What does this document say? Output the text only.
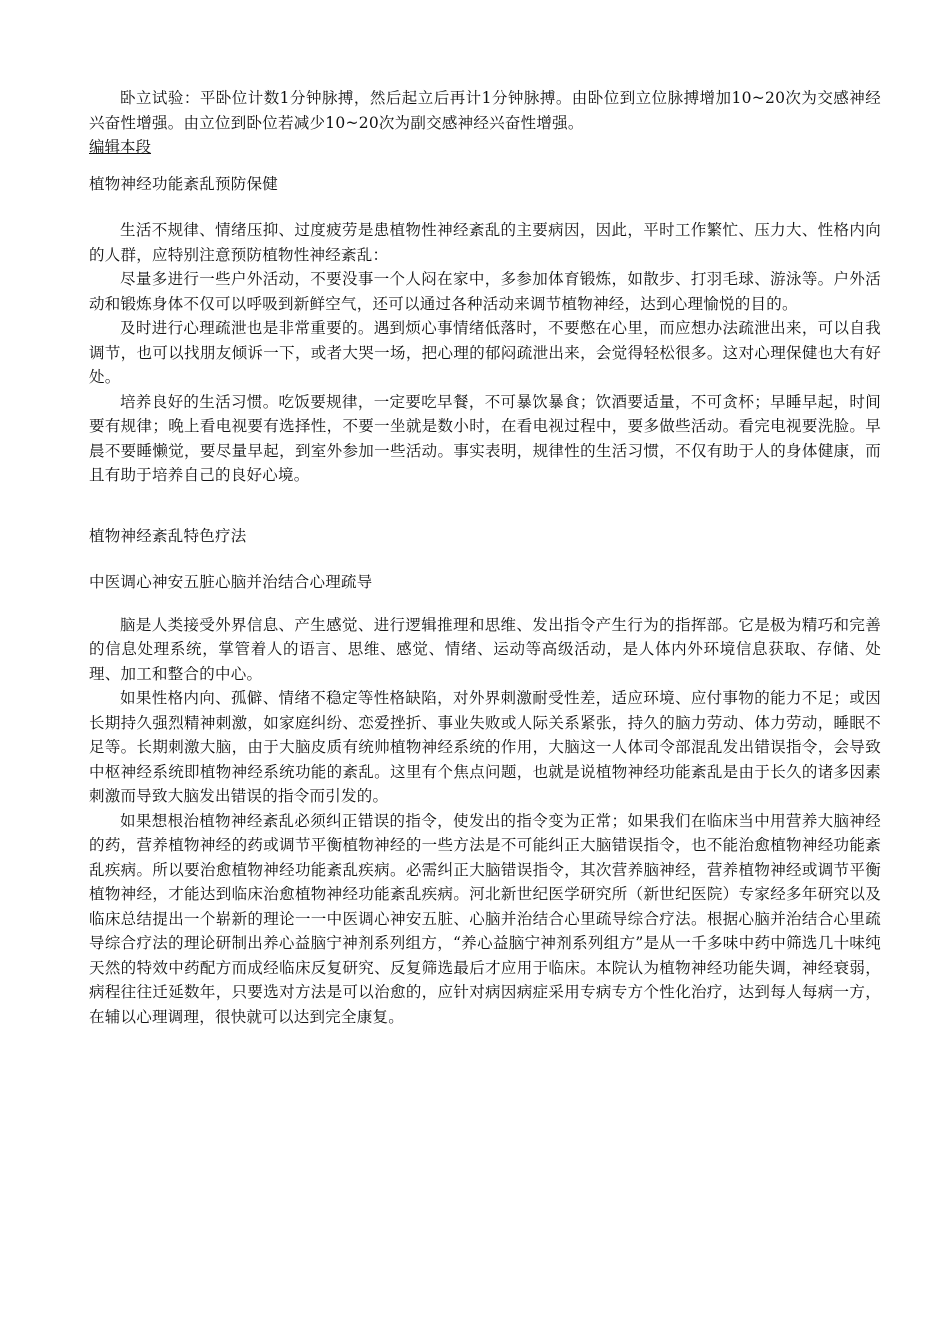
卧立试验：平卧位计数1分钟脉搏，然后起立后再计1分钟脉搏。由卧位到立位脉搏增加10~20次为交感神经兴奋性增强。由立位到卧位若减少10~20次为副交感神经兴奋性增强。

编辑本段

植物神经功能紊乱预防保健

生活不规律、情绪压抑、过度疲劳是患植物性神经紊乱的主要病因，因此，平时工作繁忙、压力大、性格内向的人群，应特别注意预防植物性神经紊乱：

尽量多进行一些户外活动，不要没事一个人闷在家中，多参加体育锻炼，如散步、打羽毛球、游泳等。户外活动和锻炼身体不仅可以呼吸到新鲜空气，还可以通过各种活动来调节植物神经，达到心理愉悦的目的。

及时进行心理疏泄也是非常重要的。遇到烦心事情绪低落时，不要憋在心里，而应想办法疏泄出来，可以自我调节，也可以找朋友倾诉一下，或者大哭一场，把心理的郁闷疏泄出来，会觉得轻松很多。这对心理保健也大有好处。

培养良好的生活习惯。吃饭要规律，一定要吃早餐，不可暴饮暴食；饮酒要适量，不可贪杯；早睡早起，时间要有规律；晚上看电视要有选择性，不要一坐就是数小时，在看电视过程中，要多做些活动。看完电视要洗脸。早晨不要睡懒觉，要尽量早起，到室外参加一些活动。事实表明，规律性的生活习惯，不仅有助于人的身体健康，而且有助于培养自己的良好心境。

植物神经紊乱特色疗法

中医调心神安五脏心脑并治结合心理疏导

脑是人类接受外界信息、产生感觉、进行逻辑推理和思维、发出指令产生行为的指挥部。它是极为精巧和完善的信息处理系统，掌管着人的语言、思维、感觉、情绪、运动等高级活动，是人体内外环境信息获取、存储、处理、加工和整合的中心。

如果性格内向、孤僻、情绪不稳定等性格缺陷，对外界刺激耐受性差，适应环境、应付事物的能力不足；或因长期持久强烈精神刺激，如家庭纠纷、恋爱挫折、事业失败或人际关系紧张，持久的脑力劳动、体力劳动，睡眠不足等。长期刺激大脑，由于大脑皮质有统帅植物神经系统的作用，大脑这一人体司令部混乱发出错误指令，会导致中枢神经系统即植物神经系统功能的紊乱。这里有个焦点问题，也就是说植物神经功能紊乱是由于长久的诸多因素刺激而导致大脑发出错误的指令而引发的。

如果想根治植物神经紊乱必须纠正错误的指令，使发出的指令变为正常；如果我们在临床当中用营养大脑神经的药，营养植物神经的药或调节平衡植物神经的一些方法是不可能纠正大脑错误指令，也不能治愈植物神经功能紊乱疾病。所以要治愈植物神经功能紊乱疾病。必需纠正大脑错误指令，其次营养脑神经，营养植物神经或调节平衡植物神经，才能达到临床治愈植物神经功能紊乱疾病。河北新世纪医学研究所（新世纪医院）专家经多年研究以及临床总结提出一个崭新的理论一一中医调心神安五脏、心脑并治结合心里疏导综合疗法。根据心脑并治结合心里疏导综合疗法的理论研制出养心益脑宁神剂系列组方，“养心益脑宁神剂系列组方”是从一千多味中药中筛选几十味纯天然的特效中药配方而成经临床反复研究、反复筛选最后才应用于临床。本院认为植物神经功能失调，神经衰弱，病程往往迁延数年，只要选对方法是可以治愈的，应针对病因病症采用专病专方个性化治疗，达到每人每病一方，在辅以心理调理，很快就可以达到完全康复。
